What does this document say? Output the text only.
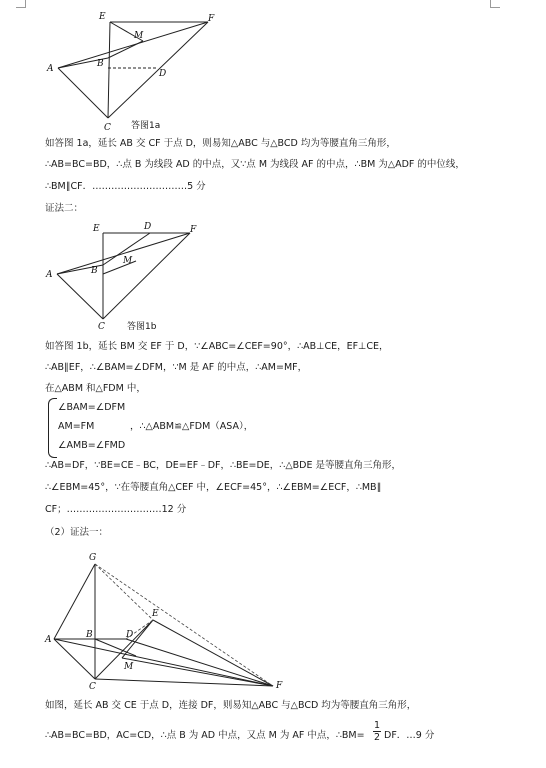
E	F
M
A	B
D
C 答图1a
如答图 1a，延长 AB 交 CF 于点 D，则易知△ABC 与△BCD 均为等腰直角三角形，
∴AB=BC=BD，∴点 B 为线段 AD 的中点，又∵点 M 为线段 AF 的中点，∴BM 为△ADF 的中位线，
∴BM∥CF．…………………………5 分
证法二：
E	D	F
M
A	B
C 答图1b
如答图 1b，延长 BM 交 EF 于 D，∵∠ABC=∠CEF=90°，∴AB⊥CE，EF⊥CE，
∴AB∥EF，∴∠BAM=∠DFM，∵M 是 AF 的中点，∴AM=MF，
在△ABM 和△FDM 中，
∠BAM=∠DFM
AM=FM
∠AMB=∠FMD
，∴△ABM≌△FDM（ASA），
∴AB=DF，∵BE=CE﹣BC，DE=EF﹣DF，∴BE=DE，∴△BDE 是等腰直角三角形，
∴∠EBM=45°，∵在等腰直角△CEF 中，∠ECF=45°，∴∠EBM=∠ECF，∴MB∥
CF；…………………………12 分
（2）证法一：
G
E
A	B	D
M
C	F
如图，延长 AB 交 CE 于点 D，连接 DF，则易知△ABC 与△BCD 均为等腰直角三角形，
∴AB=BC=BD，AC=CD，∴点 B 为 AD 中点，又点 M 为 AF 中点，∴BM=
1
2 DF．…9 分
